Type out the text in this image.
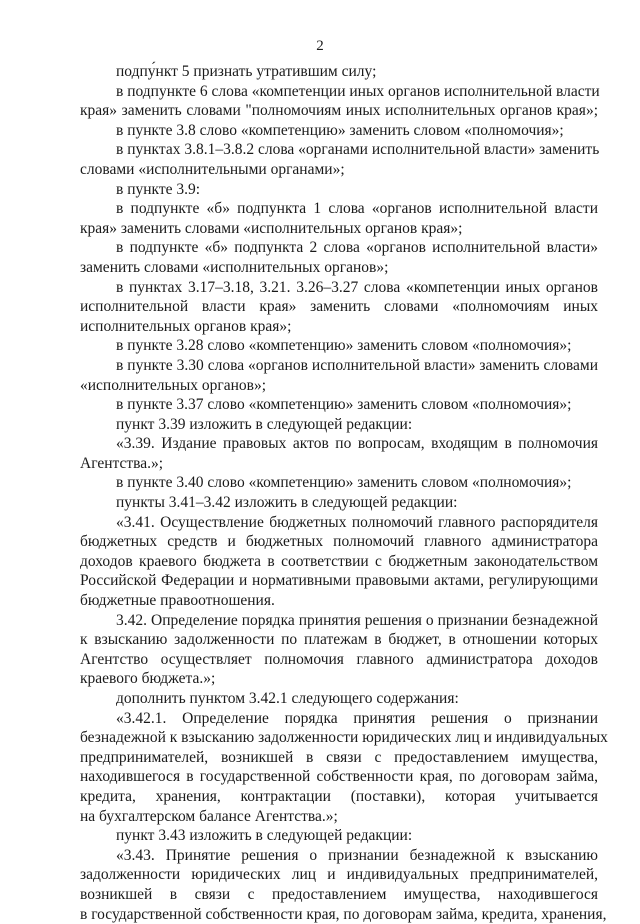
2
подпу́нкт 5 признать утратившим силу;
в подпункте 6 слова «компетенции иных органов исполнительной власти
края» заменить словами "полномочиям иных исполнительных органов края»;
в пункте 3.8 слово «компетенцию» заменить словом «полномочия»;
в пунктах 3.8.1–3.8.2 слова «органами исполнительной власти» заменить
словами «исполнительными органами»;
в пункте 3.9:
в подпункте «б» подпункта 1 слова «органов исполнительной власти
края» заменить словами «исполнительных органов края»;
в подпункте «б» подпункта 2 слова «органов исполнительной власти»
заменить словами «исполнительных органов»;
в пунктах 3.17–3.18, 3.21. 3.26–3.27 слова «компетенции иных органов
исполнительной власти края» заменить словами «полномочиям иных
исполнительных органов края»;
в пункте 3.28 слово «компетенцию» заменить словом «полномочия»;
в пункте 3.30 слова «органов исполнительной власти» заменить словами
«исполнительных органов»;
в пункте 3.37 слово «компетенцию» заменить словом «полномочия»;
пункт 3.39 изложить в следующей редакции:
«3.39. Издание правовых актов по вопросам, входящим в полномочия
Агентства.»;
в пункте 3.40 слово «компетенцию» заменить словом «полномочия»;
пункты 3.41–3.42 изложить в следующей редакции:
«3.41. Осуществление бюджетных полномочий главного распорядителя
бюджетных средств и бюджетных полномочий главного администратора
доходов краевого бюджета в соответствии с бюджетным законодательством
Российской Федерации и нормативными правовыми актами, регулирующими
бюджетные правоотношения.
3.42. Определение порядка принятия решения о признании безнадежной
к взысканию задолженности по платежам в бюджет, в отношении которых
Агентство осуществляет полномочия главного администратора доходов
краевого бюджета.»;
дополнить пунктом 3.42.1 следующего содержания:
«3.42.1. Определение порядка принятия решения о признании
безнадежной к взысканию задолженности юридических лиц и индивидуальных
предпринимателей, возникшей в связи с предоставлением имущества,
находившегося в государственной собственности края, по договорам займа,
кредита, хранения, контрактации (поставки), которая учитывается
на бухгалтерском балансе Агентства.»;
пункт 3.43 изложить в следующей редакции:
«3.43. Принятие решения о признании безнадежной к взысканию
задолженности юридических лиц и индивидуальных предпринимателей,
возникшей в связи с предоставлением имущества, находившегося
в государственной собственности края, по договорам займа, кредита, хранения,
